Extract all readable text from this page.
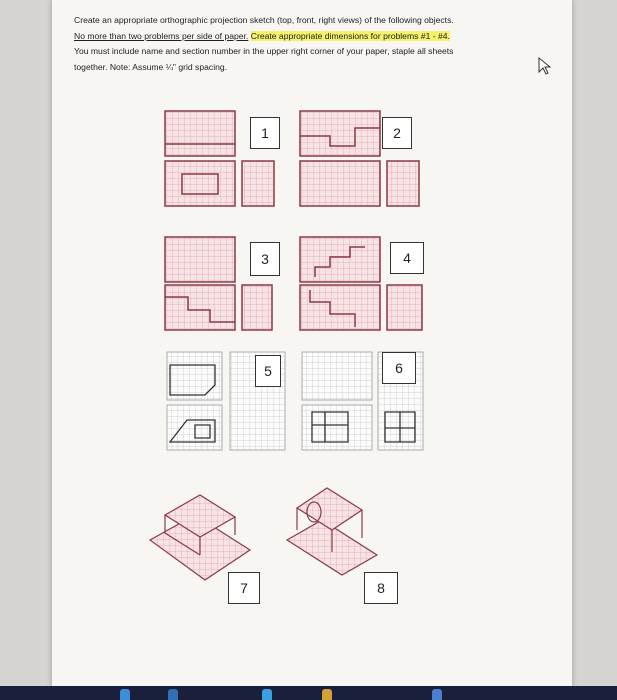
Create an appropriate orthographic projection sketch (top, front, right views) of the following objects.

No more than two problems per side of paper. Create appropriate dimensions for problems #1 - #4.

You must include name and section number in the upper right corner of your paper, staple all sheets

together. Note: Assume ¼" grid spacing.

1	2
3	4
5	6
7	8
